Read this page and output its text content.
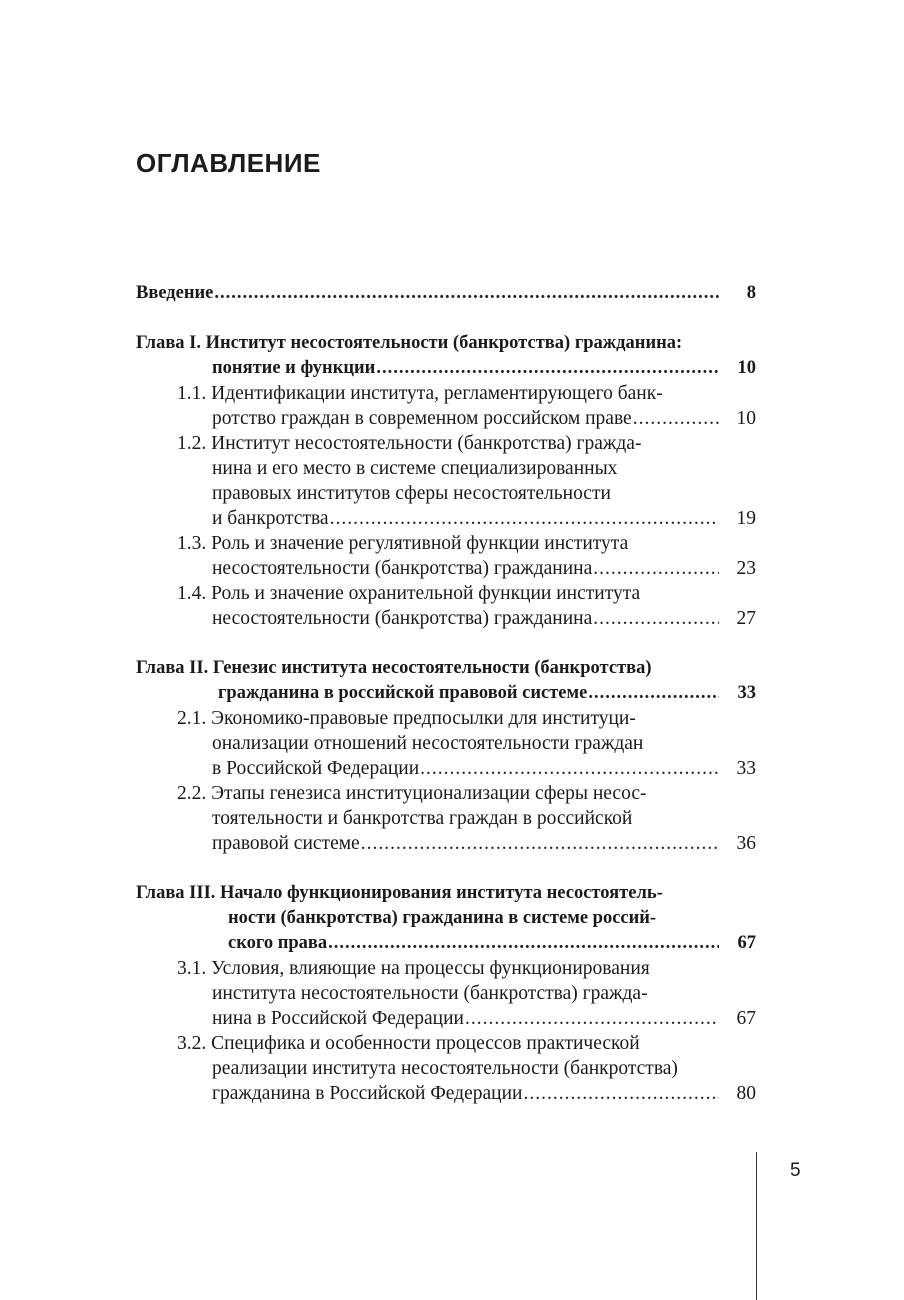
ОГЛАВЛЕНИЕ
Введение .....	8
Глава I. Институт несостоятельности (банкротства) гражданина:
понятие и функции .....	10
1.1. Идентификации института, регламентирующего банк-
ротство граждан в современном российском праве .....	10
1.2. Институт несостоятельности (банкротства) гражда-
нина и его место в системе специализированных
правовых институтов сферы несостоятельности
и банкротства .....	19
1.3. Роль и значение регулятивной функции института
несостоятельности (банкротства) гражданина .....	23
1.4. Роль и значение охранительной функции института
несостоятельности (банкротства) гражданина .....	27
Глава II. Генезис института несостоятельности (банкротства)
гражданина в российской правовой системе .....	33
2.1. Экономико-правовые предпосылки для институци-
онализации отношений несостоятельности граждан
в Российской Федерации .....	33
2.2. Этапы генезиса институционализации сферы несос-
тоятельности и банкротства граждан в российской
правовой системе .....	36
Глава III. Начало функционирования института несостоятель-
ности (банкротства) гражданина в системе россий-
ского права .....	67
3.1. Условия, влияющие на процессы функционирования
института несостоятельности (банкротства) гражда-
нина в Российской Федерации .....	67
3.2. Специфика и особенности процессов практической
реализации института несостоятельности (банкротства)
гражданина в Российской Федерации .....	80
5
